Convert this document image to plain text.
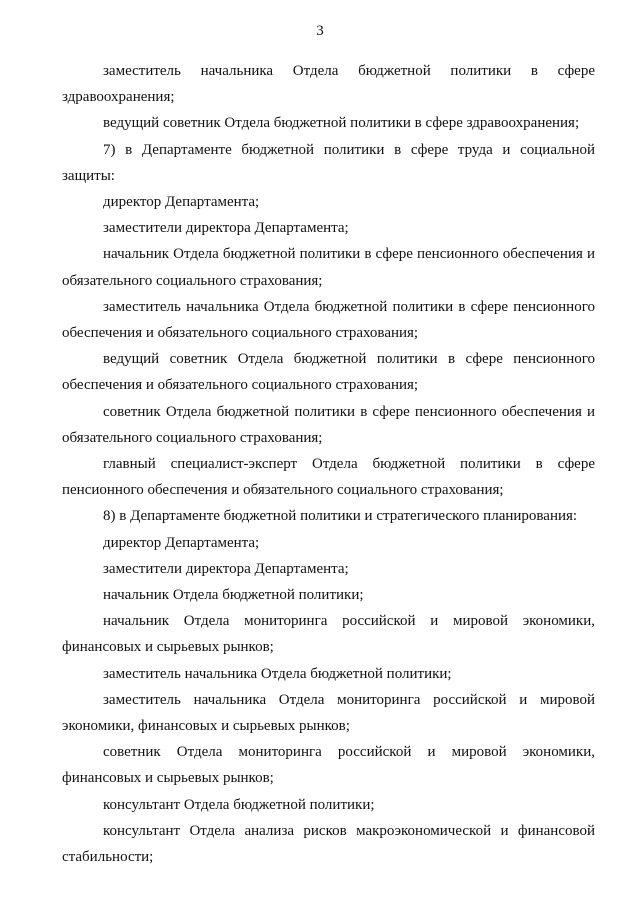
3

заместитель начальника Отдела бюджетной политики в сфере здравоохранения;

ведущий советник Отдела бюджетной политики в сфере здравоохранения;

7) в Департаменте бюджетной политики в сфере труда и социальной защиты:

директор Департамента;

заместители директора Департамента;

начальник Отдела бюджетной политики в сфере пенсионного обеспечения и обязательного социального страхования;

заместитель начальника Отдела бюджетной политики в сфере пенсионного обеспечения и обязательного социального страхования;

ведущий советник Отдела бюджетной политики в сфере пенсионного обеспечения и обязательного социального страхования;

советник Отдела бюджетной политики в сфере пенсионного обеспечения и обязательного социального страхования;

главный специалист-эксперт Отдела бюджетной политики в сфере пенсионного обеспечения и обязательного социального страхования;

8) в Департаменте бюджетной политики и стратегического планирования:

директор Департамента;

заместители директора Департамента;

начальник Отдела бюджетной политики;

начальник Отдела мониторинга российской и мировой экономики, финансовых и сырьевых рынков;

заместитель начальника Отдела бюджетной политики;

заместитель начальника Отдела мониторинга российской и мировой экономики, финансовых и сырьевых рынков;

советник Отдела мониторинга российской и мировой экономики, финансовых и сырьевых рынков;

консультант Отдела бюджетной политики;

консультант Отдела анализа рисков макроэкономической и финансовой стабильности;
